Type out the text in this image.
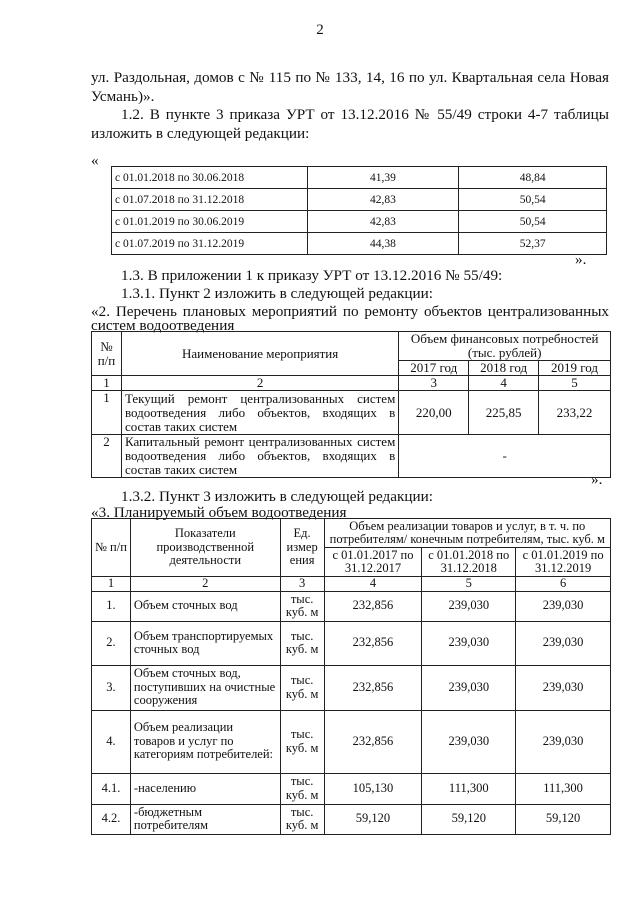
2
ул. Раздольная, домов с № 115 по № 133, 14, 16 по ул. Квартальная села Новая
Усмань)».
1.2. В пункте 3 приказа УРТ от 13.12.2016 № 55/49 строки 4-7 таблицы
изложить в следующей редакции:
«
с 01.01.2018 по 30.06.2018	41,39	48,84
с 01.07.2018 по 31.12.2018	42,83	50,54
с 01.01.2019 по 30.06.2019	42,83	50,54
с 01.07.2019 по 31.12.2019	44,38	52,37
».
1.3. В приложении 1 к приказу УРТ от 13.12.2016 № 55/49:
1.3.1. Пункт 2 изложить в следующей редакции:
«2. Перечень плановых мероприятий по ремонту объектов централизованных
систем водоотведения
№ п/п	Наименование мероприятия	Объем финансовых потребностей (тыс. рублей)		
		2017 год	2018 год	2019 год
1	2	3	4	5
1	Текущий ремонт централизованных систем водоотведения либо объектов, входящих в состав таких систем	220,00	225,85	233,22
2	Капитальный ремонт централизованных систем водоотведения либо объектов, входящих в состав таких систем	-		
».
1.3.2. Пункт 3 изложить в следующей редакции:
«3. Планируемый объем водоотведения
№ п/п	Показатели производственной деятельности	Ед. измер ения	Объем реализации товаров и услуг, в т. ч. по потребителям/ конечным потребителям, тыс. куб. м		
			с 01.01.2017 по 31.12.2017	с 01.01.2018 по 31.12.2018	с 01.01.2019 по 31.12.2019
1	2	3	4	5	6
1.	Объем сточных вод	тыс. куб. м	232,856	239,030	239,030
2.	Объем транспортируемых сточных вод	тыс. куб. м	232,856	239,030	239,030
3.	Объем сточных вод, поступивших на очистные сооружения	тыс. куб. м	232,856	239,030	239,030
4.	Объем реализации товаров и услуг по категориям потребителей:	тыс. куб. м	232,856	239,030	239,030
4.1.	-населению	тыс. куб. м	105,130	111,300	111,300
4.2.	-бюджетным потребителям	тыс. куб. м	59,120	59,120	59,120
